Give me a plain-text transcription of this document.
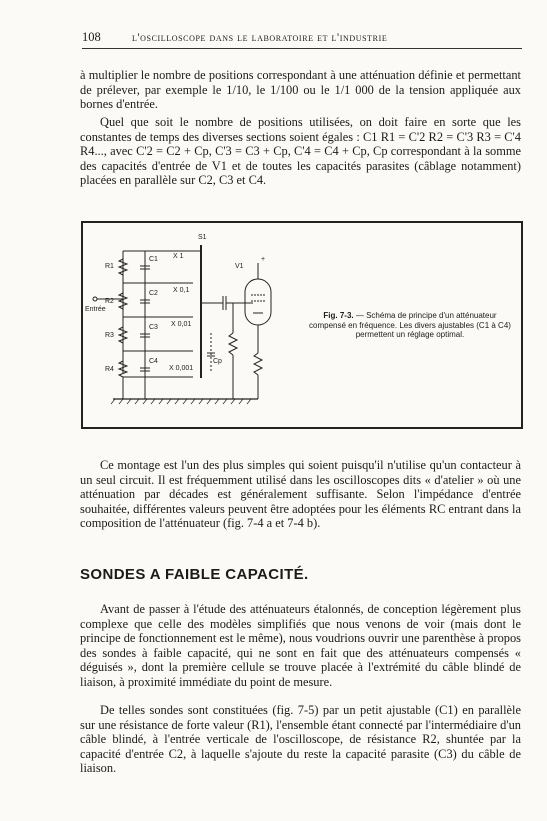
108	l'oscilloscope dans le laboratoire et l'industrie

à multiplier le nombre de positions correspondant à une atténuation définie et permettant de prélever, par exemple le 1/10, le 1/100 ou le 1/1 000 de la tension appliquée aux bornes d'entrée.

Quel que soit le nombre de positions utilisées, on doit faire en sorte que les constantes de temps des diverses sections soient égales : C1 R1 = C'2 R2 = C'3 R3 = C'4 R4..., avec C'2 = C2 + Cp, C'3 = C3 + Cp, C'4 = C4 + Cp, Cp correspondant à la somme des capacités d'entrée de V1 et de toutes les capacités parasites (câblage notamment) placées en parallèle sur C2, C3 et C4.

R1
R2
R3
R4
C1
C2
C3
C4
X 1
X 0,1
X 0,01
X 0,001
S1
V1
+
Cp
Entrée

Fig. 7-3. — Schéma de principe d'un atténuateur compensé en fréquence. Les divers ajustables (C1 à C4) permettent un réglage optimal.

Ce montage est l'un des plus simples qui soient puisqu'il n'utilise qu'un contacteur à un seul circuit. Il est fréquemment utilisé dans les oscilloscopes dits « d'atelier » où une atténuation par décades est généralement suffisante. Selon l'impédance d'entrée souhaitée, différentes valeurs peuvent être adoptées pour les éléments RC entrant dans la composition de l'atténuateur (fig. 7-4 a et 7-4 b).

SONDES A FAIBLE CAPACITÉ.

Avant de passer à l'étude des atténuateurs étalonnés, de conception légèrement plus complexe que celle des modèles simplifiés que nous venons de voir (mais dont le principe de fonctionnement est le même), nous voudrions ouvrir une parenthèse à propos des sondes à faible capacité, qui ne sont en fait que des atténuateurs compensés « déguisés », dont la première cellule se trouve placée à l'extrémité du câble blindé de liaison, à proximité immédiate du point de mesure.

De telles sondes sont constituées (fig. 7-5) par un petit ajustable (C1) en parallèle sur une résistance de forte valeur (R1), l'ensemble étant connecté par l'intermédiaire d'un câble blindé, à l'entrée verticale de l'oscilloscope, de résistance R2, shuntée par la capacité d'entrée C2, à laquelle s'ajoute du reste la capacité parasite (C3) du câble de liaison.
